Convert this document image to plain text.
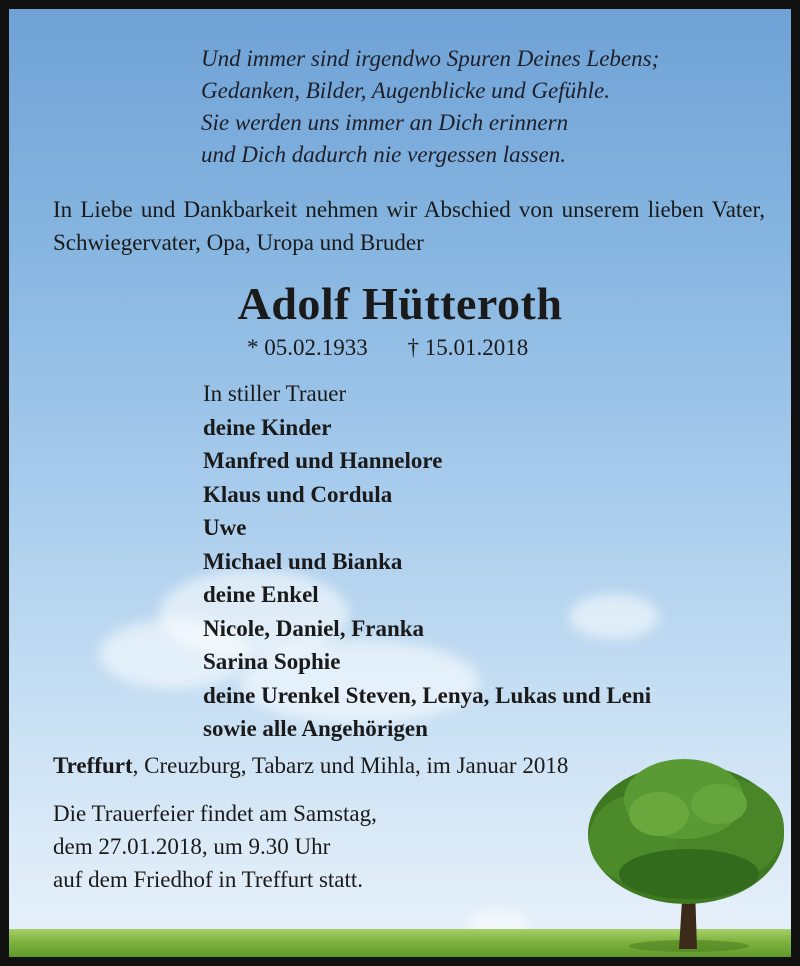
Und immer sind irgendwo Spuren Deines Lebens;
Gedanken, Bilder, Augenblicke und Gefühle.
Sie werden uns immer an Dich erinnern
und Dich dadurch nie vergessen lassen.
In Liebe und Dankbarkeit nehmen wir Abschied von unserem lieben Vater, Schwiegervater, Opa, Uropa und Bruder
Adolf Hütteroth
* 05.02.1933 † 15.01.2018
In stiller Trauer
deine Kinder
Manfred und Hannelore
Klaus und Cordula
Uwe
Michael und Bianka
deine Enkel
Nicole, Daniel, Franka
Sarina Sophie
deine Urenkel Steven, Lenya, Lukas und Leni
sowie alle Angehörigen
Treffurt, Creuzburg, Tabarz und Mihla, im Januar 2018
Die Trauerfeier findet am Samstag,
dem 27.01.2018, um 9.30 Uhr
auf dem Friedhof in Treffurt statt.
